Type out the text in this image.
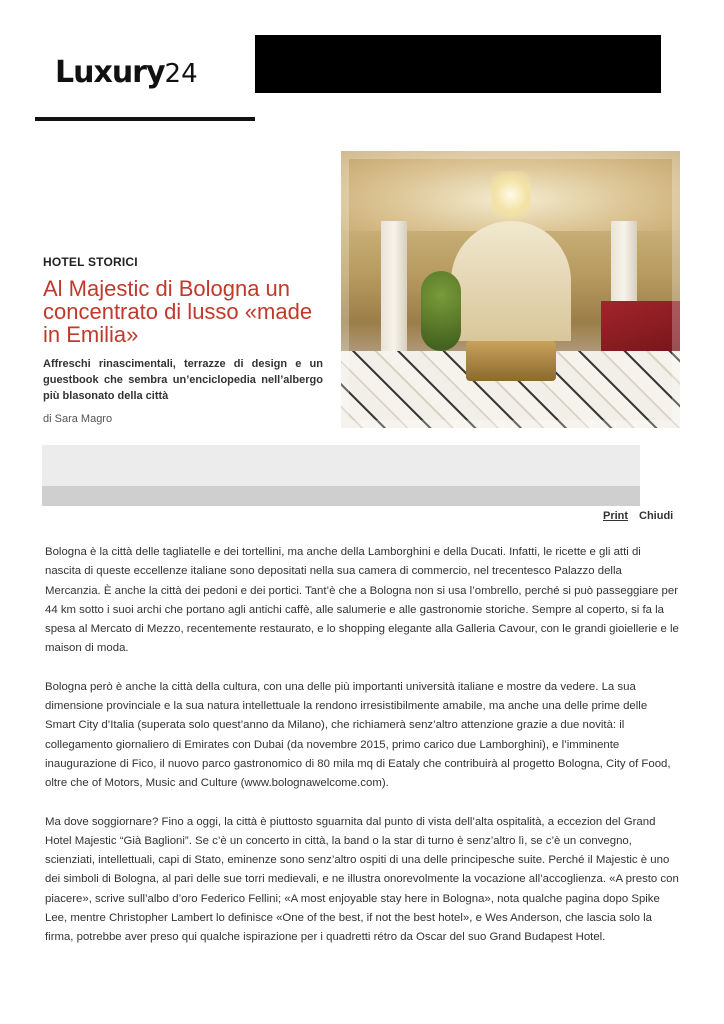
Luxury24
HOTEL STORICI
Al Majestic di Bologna un concentrato di lusso «made in Emilia»

Affreschi rinascimentali, terrazze di design e un guestbook che sembra un’enciclopedia nell’albergo più blasonato della città

di Sara Magro
Print Chiudi

Bologna è la città delle tagliatelle e dei tortellini, ma anche della Lamborghini e della Ducati. Infatti, le ricette e gli atti di nascita di queste eccellenze italiane sono depositati nella sua camera di commercio, nel trecentesco Palazzo della Mercanzia. È anche la città dei pedoni e dei portici. Tant’è che a Bologna non si usa l’ombrello, perché si può passeggiare per 44 km sotto i suoi archi che portano agli antichi caffè, alle salumerie e alle gastronomie storiche. Sempre al coperto, si fa la spesa al Mercato di Mezzo, recentemente restaurato, e lo shopping elegante alla Galleria Cavour, con le grandi gioiellerie e le maison di moda.

Bologna però è anche la città della cultura, con una delle più importanti università italiane e mostre da vedere. La sua dimensione provinciale e la sua natura intellettuale la rendono irresistibilmente amabile, ma anche una delle prime delle Smart City d’Italia (superata solo quest’anno da Milano), che richiamerà senz’altro attenzione grazie a due novità: il collegamento giornaliero di Emirates con Dubai (da novembre 2015, primo carico due Lamborghini), e l’imminente inaugurazione di Fico, il nuovo parco gastronomico di 80 mila mq di Eataly che contribuirà al progetto Bologna, City of Food, oltre che of Motors, Music and Culture (www.bolognawelcome.com).

Ma dove soggiornare? Fino a oggi, la città è piuttosto sguarnita dal punto di vista dell’alta ospitalità, a eccezion del Grand Hotel Majestic “Già Baglioni”. Se c’è un concerto in città, la band o la star di turno è senz’altro lì, se c’è un convegno, scienziati, intellettuali, capi di Stato, eminenze sono senz’altro ospiti di una delle principesche suite. Perché il Majestic è uno dei simboli di Bologna, al pari delle sue torri medievali, e ne illustra onorevolmente la vocazione all’accoglienza. «A presto con piacere», scrive sull’albo d’oro Federico Fellini; «A most enjoyable stay here in Bologna», nota qualche pagina dopo Spike Lee, mentre Christopher Lambert lo definisce «One of the best, if not the best hotel», e Wes Anderson, che lascia solo la firma, potrebbe aver preso qui qualche ispirazione per i quadretti rétro da Oscar del suo Grand Budapest Hotel.
